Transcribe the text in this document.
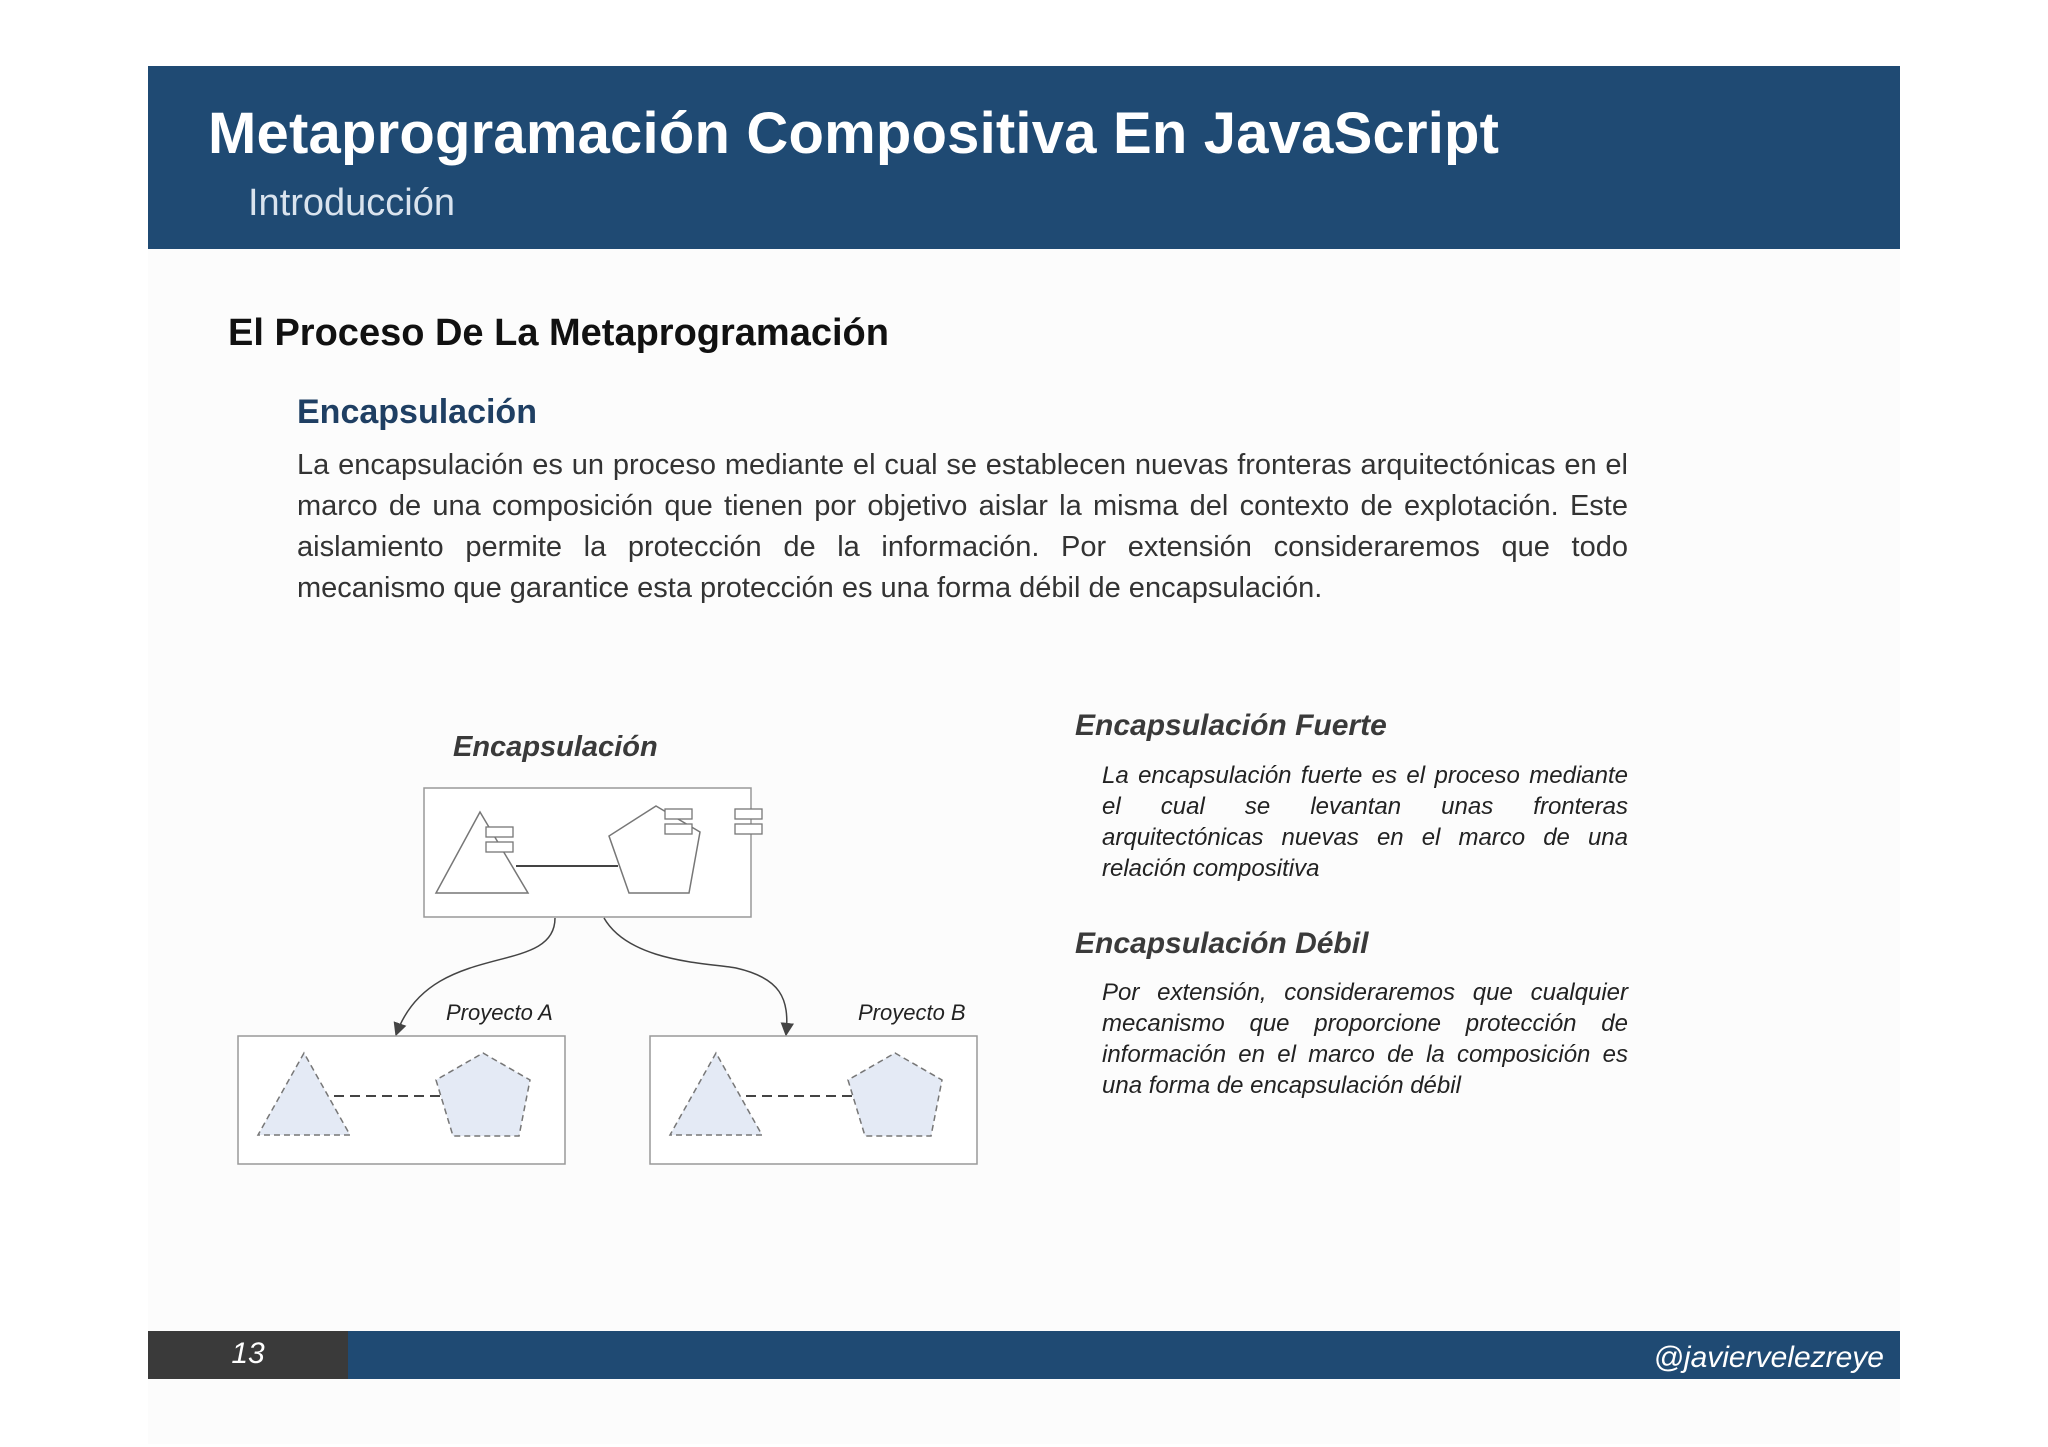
Metaprogramación Compositiva En JavaScript
Introducción
El Proceso De La Metaprogramación
Encapsulación
La encapsulación es un proceso mediante el cual se establecen nuevas fronteras arquitectónicas en el marco de una composición que tienen por objetivo aislar la misma del contexto de explotación. Este aislamiento permite la protección de la información. Por extensión consideraremos que todo mecanismo que garantice esta protección es una forma débil de encapsulación.
Encapsulación
Proyecto A	Proyecto B
Encapsulación Fuerte
La encapsulación fuerte es el proceso mediante el cual se levantan unas fronteras arquitectónicas nuevas en el marco de una relación compositiva
Encapsulación Débil
Por extensión, consideraremos que cualquier mecanismo que proporcione protección de información en el marco de la composición es una forma de encapsulación débil
13	@javiervelezreye
